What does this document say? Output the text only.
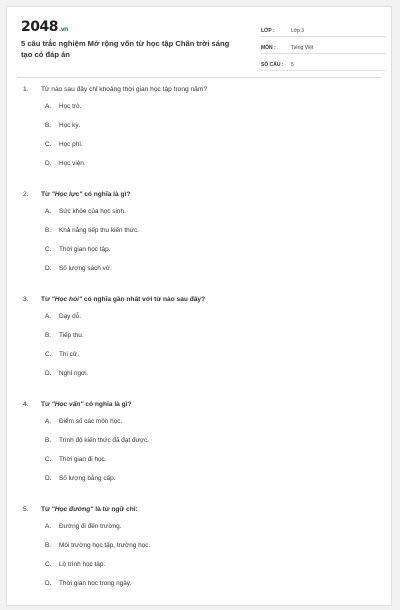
2048.vn
5 câu trắc nghiệm Mở rộng vốn từ học tập Chân trời sáng tạo có đáp án
LỚP :	Lớp 3
MÔN :	Tiếng Việt
SỐ CÂU :	5
1.	Từ nào sau đây chỉ khoảng thời gian học tập trong năm?
A.	Học trò.
B.	Học kỳ.
C.	Học phí.
D.	Học viện.
2.	Từ "Học lực" có nghĩa là gì?
A.	Sức khỏe của học sinh.
B.	Khả năng tiếp thu kiến thức.
C.	Thời gian học tập.
D.	Số lượng sách vở.
3.	Từ "Học hỏi" có nghĩa gần nhất với từ nào sau đây?
A.	Dạy dỗ.
B.	Tiếp thu.
C.	Thi cử.
D.	Nghỉ ngơi.
4.	Từ "Học vấn" có nghĩa là gì?
A.	Điểm số các môn học.
B.	Trình độ kiến thức đã đạt được.
C.	Thời gian đi học.
D.	Số lượng bằng cấp.
5.	Từ "Học đường" là từ ngữ chỉ:
A.	Đường đi đến trường.
B.	Môi trường học tập, trường học.
C.	Lộ trình học tập.
D.	Thời gian học trong ngày.
